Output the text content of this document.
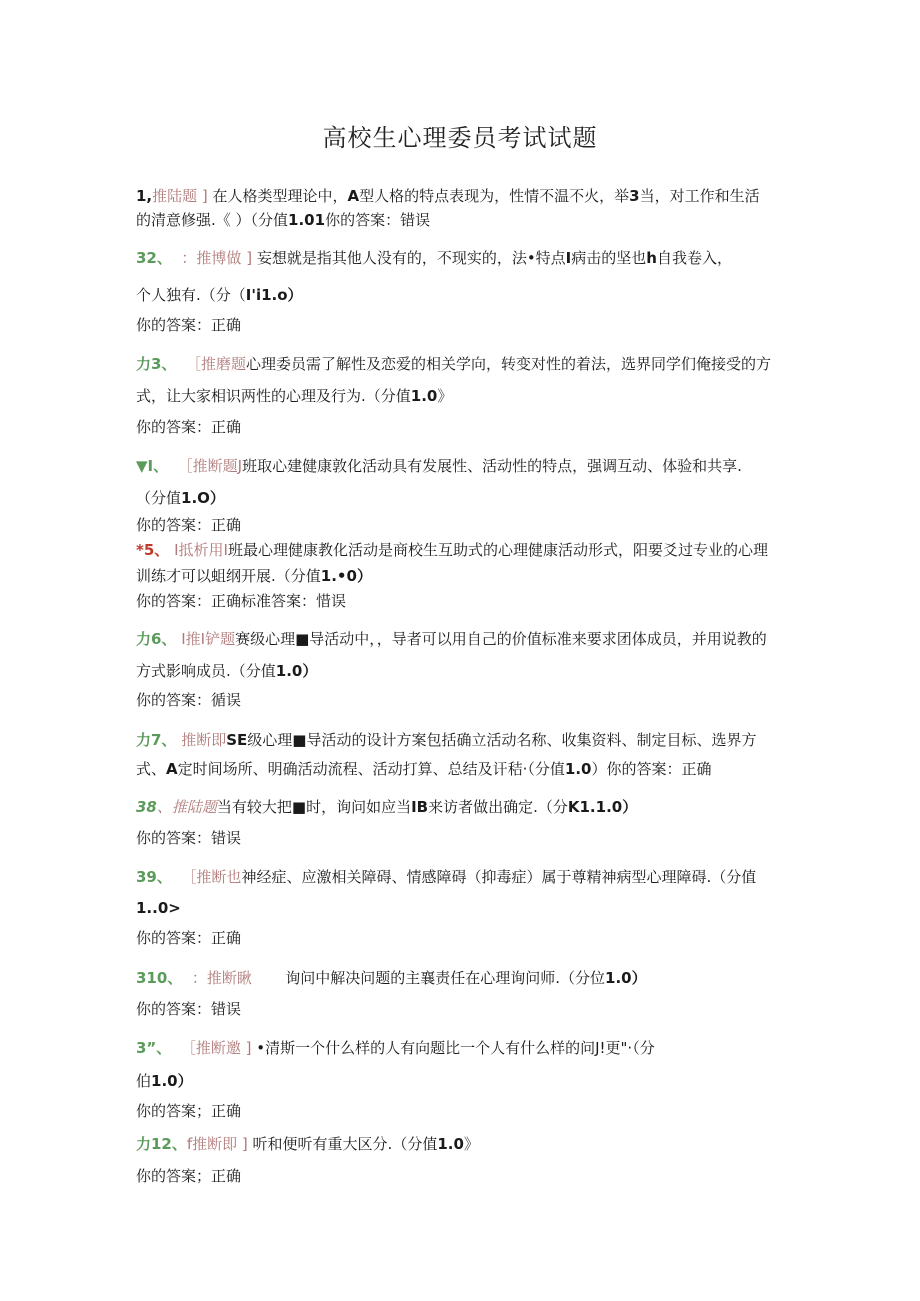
高校生心理委员考试试题
1,推陆题 ] 在人格类型理论中，A型人格的特点表现为，性情不温不火，举3当，对工作和生活
的清意修强.《 ）（分值1.01你的答案：错误
32、 ：推博做 ] 妄想就是指其他人没有的，不现实的，法•特点I病击的坚也h自我卷入，
个人独有.（分（I'i1.o）
你的答案：正确
力3、 ［推磨题心理委员需了解性及恋爱的相关学向，转变对性的着法，选界同学们俺接受的方
式，让大家相识两性的心理及行为.（分值1.0》
你的答案：正确
▼I、 ［推断题J班取心建健康敦化活动具有发展性、活动性的特点，强调互动、体验和共享.
（分值1.O）
你的答案：正确
*5、 I抵析用I班最心理健康教化活动是商校生互助式的心理健康活动形式，阳要爻过专业的心理
训练才可以蛆纲开展.（分值1.•0）
你的答案：正确标准答案：惜误
力6、 I推I铲题赛级心理■导活动中，，导者可以用自己的价值标准来要求团体成员，并用说教的
方式影响成员.（分值1.0）
你的答案：循误
力7、 推断即SE级心理■导活动的设计方案包括确立活动名称、收集资料、制定目标、选界方
式、A定时间场所、明确活动流程、活动打算、总结及讦秸·（分值1.0）你的答案：正确
38、推陆题当有较大把■时，询问如应当IB来访者做出确定.（分K1.1.0）
你的答案：错误
39、 ［推断也神经症、应激相关障碍、情感障碍（抑毒症）属于尊精神病型心理障碍.（分值
1..0>
你的答案：正确
310、 ：推断瞅 询问中解决问题的主襄责任在心理询问师.（分位1.0）
你的答案：错误
3”、 ［推断邀 ] •清斯一个什么样的人有向题比一个人有什么样的问J!更"·（分
伯1.0）
你的答案；正确
力12、f推断即 ] 听和便听有重大区分.（分值1.0》
你的答案；正确
